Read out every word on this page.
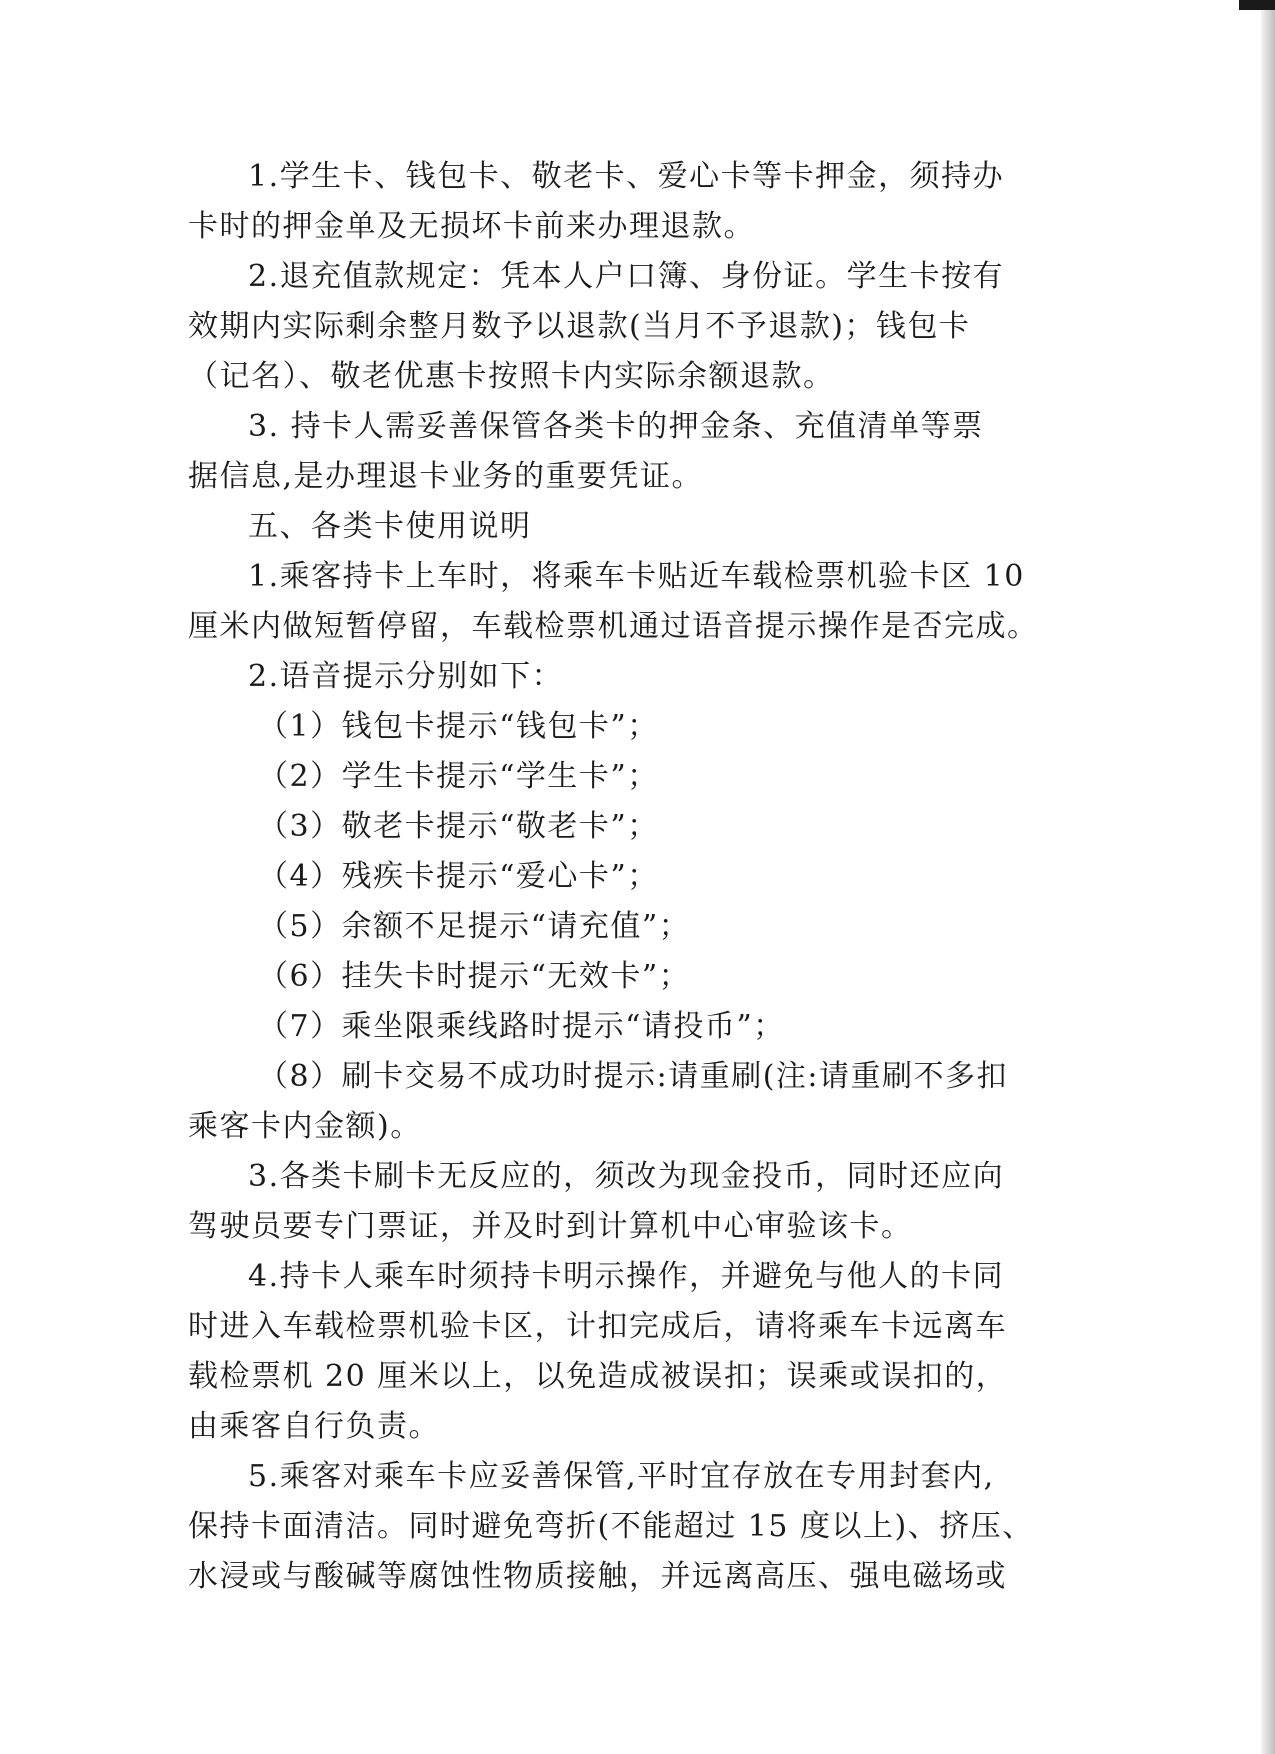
1.学生卡、钱包卡、敬老卡、爱心卡等卡押金，须持办
卡时的押金单及无损坏卡前来办理退款。
2.退充值款规定：凭本人户口簿、身份证。学生卡按有
效期内实际剩余整月数予以退款(当月不予退款)；钱包卡
（记名）、敬老优惠卡按照卡内实际余额退款。
3. 持卡人需妥善保管各类卡的押金条、充值清单等票
据信息,是办理退卡业务的重要凭证。
五、各类卡使用说明
1.乘客持卡上车时，将乘车卡贴近车载检票机验卡区 10
厘米内做短暂停留，车载检票机通过语音提示操作是否完成。
2.语音提示分别如下：
（1）钱包卡提示“钱包卡”；
（2）学生卡提示“学生卡”；
（3）敬老卡提示“敬老卡”；
（4）残疾卡提示“爱心卡”；
（5）余额不足提示“请充值”；
（6）挂失卡时提示“无效卡”；
（7）乘坐限乘线路时提示“请投币”；
（8）刷卡交易不成功时提示:请重刷(注:请重刷不多扣
乘客卡内金额)。
3.各类卡刷卡无反应的，须改为现金投币，同时还应向
驾驶员要专门票证，并及时到计算机中心审验该卡。
4.持卡人乘车时须持卡明示操作，并避免与他人的卡同
时进入车载检票机验卡区，计扣完成后，请将乘车卡远离车
载检票机 20 厘米以上，以免造成被误扣；误乘或误扣的，
由乘客自行负责。
5.乘客对乘车卡应妥善保管,平时宜存放在专用封套内,
保持卡面清洁。同时避免弯折(不能超过 15 度以上)、挤压、
水浸或与酸碱等腐蚀性物质接触，并远离高压、强电磁场或
